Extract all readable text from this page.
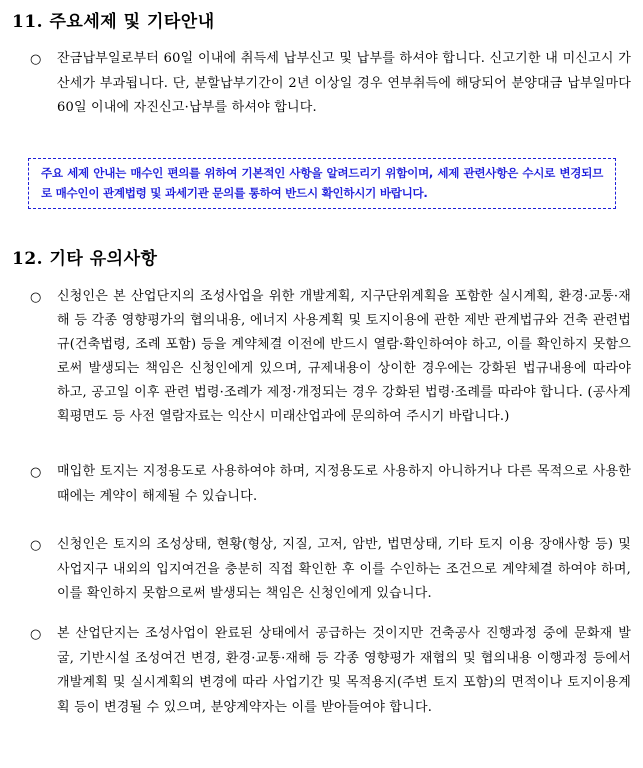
11. 주요세제 및 기타안내
○ 잔금납부일로부터 60일 이내에 취득세 납부신고 및 납부를 하셔야 합니다. 신고기한 내 미신고시 가산세가 부과됩니다. 단, 분할납부기간이 2년 이상일 경우 연부취득에 해당되어 분양대금 납부일마다 60일 이내에 자진신고·납부를 하셔야 합니다.

주요 세제 안내는 매수인 편의를 위하여 기본적인 사항을 알려드리기 위함이며, 세제 관련사항은 수시로 변경되므로 매수인이 관계법령 및 과세기관 문의를 통하여 반드시 확인하시기 바랍니다.
12. 기타 유의사항
○ 신청인은 본 산업단지의 조성사업을 위한 개발계획, 지구단위계획을 포함한 실시계획, 환경·교통·재해 등 각종 영향평가의 협의내용, 에너지 사용계획 및 토지이용에 관한 제반 관계법규와 건축 관련법규(건축법령, 조례 포함) 등을 계약체결 이전에 반드시 열람·확인하여야 하고, 이를 확인하지 못함으로써 발생되는 책임은 신청인에게 있으며, 규제내용이 상이한 경우에는 강화된 법규내용에 따라야 하고, 공고일 이후 관련 법령·조례가 제정·개정되는 경우 강화된 법령·조례를 따라야 합니다. (공사계획평면도 등 사전 열람자료는 익산시 미래산업과에 문의하여 주시기 바랍니다.)

○ 매입한 토지는 지정용도로 사용하여야 하며, 지정용도로 사용하지 아니하거나 다른 목적으로 사용한 때에는 계약이 해제될 수 있습니다.

○ 신청인은 토지의 조성상태, 현황(형상, 지질, 고저, 암반, 법면상태, 기타 토지 이용 장애사항 등) 및 사업지구 내외의 입지여건을 충분히 직접 확인한 후 이를 수인하는 조건으로 계약체결 하여야 하며, 이를 확인하지 못함으로써 발생되는 책임은 신청인에게 있습니다.

○ 본 산업단지는 조성사업이 완료된 상태에서 공급하는 것이지만 건축공사 진행과정 중에 문화재 발굴, 기반시설 조성여건 변경, 환경·교통·재해 등 각종 영향평가 재협의 및 협의내용 이행과정 등에서 개발계획 및 실시계획의 변경에 따라 사업기간 및 목적용지(주변 토지 포함)의 면적이나 토지이용계획 등이 변경될 수 있으며, 분양계약자는 이를 받아들여야 합니다.
